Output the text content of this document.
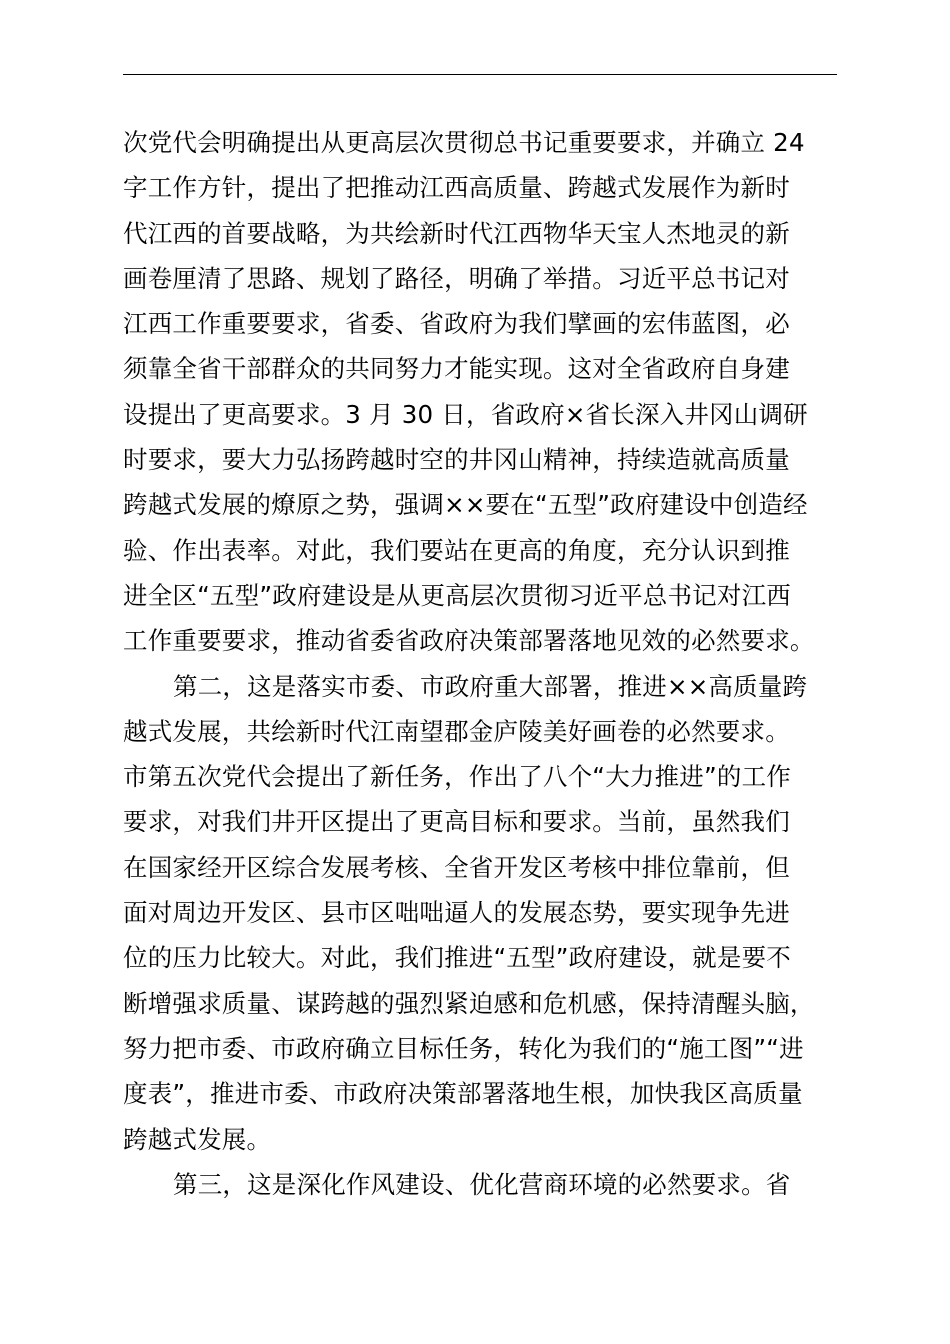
次党代会明确提出从更高层次贯彻总书记重要要求，并确立 24
字工作方针，提出了把推动江西高质量、跨越式发展作为新时
代江西的首要战略，为共绘新时代江西物华天宝人杰地灵的新
画卷厘清了思路、规划了路径，明确了举措。习近平总书记对
江西工作重要要求，省委、省政府为我们擘画的宏伟蓝图，必
须靠全省干部群众的共同努力才能实现。这对全省政府自身建
设提出了更高要求。3 月 30 日，省政府×省长深入井冈山调研
时要求，要大力弘扬跨越时空的井冈山精神，持续造就高质量
跨越式发展的燎原之势，强调××要在“五型”政府建设中创造经
验、作出表率。对此，我们要站在更高的角度，充分认识到推
进全区“五型”政府建设是从更高层次贯彻习近平总书记对江西
工作重要要求，推动省委省政府决策部署落地见效的必然要求。
第二，这是落实市委、市政府重大部署，推进××高质量跨
越式发展，共绘新时代江南望郡金庐陵美好画卷的必然要求。
市第五次党代会提出了新任务，作出了八个“大力推进”的工作
要求，对我们井开区提出了更高目标和要求。当前，虽然我们
在国家经开区综合发展考核、全省开发区考核中排位靠前，但
面对周边开发区、县市区咄咄逼人的发展态势，要实现争先进
位的压力比较大。对此，我们推进“五型”政府建设，就是要不
断增强求质量、谋跨越的强烈紧迫感和危机感，保持清醒头脑，
努力把市委、市政府确立目标任务，转化为我们的“施工图”“进
度表”，推进市委、市政府决策部署落地生根，加快我区高质量
跨越式发展。
第三，这是深化作风建设、优化营商环境的必然要求。省
